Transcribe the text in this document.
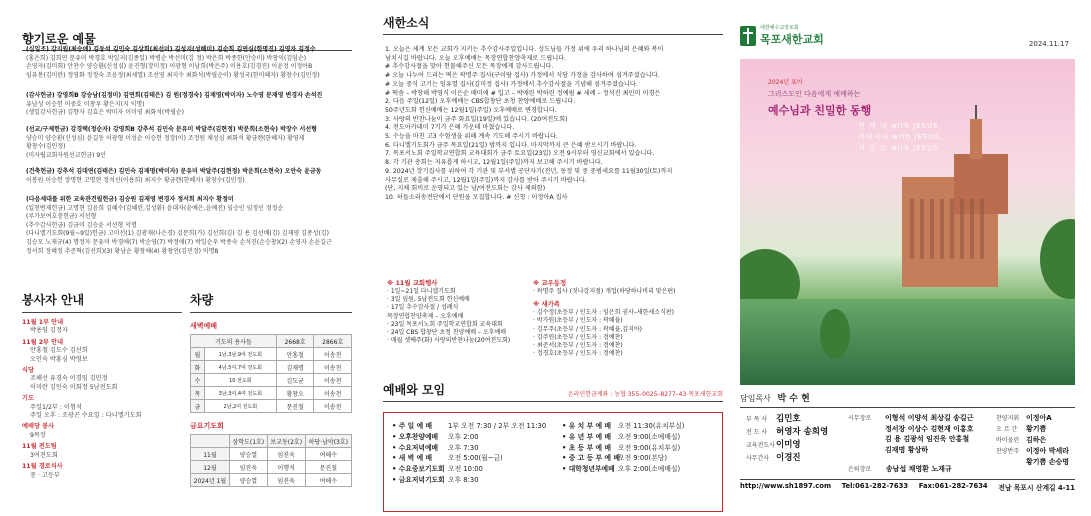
향기로운 예물
(십일조) 강지원(최승애) 김동석 김민숙 김상희(최선미) 김성지(성혜미) 김순희 김연심(한명진) 김영자 김정수
(홍은희) 김희연 문유미 박경호 박일지(김종일) 박병순 박선미(김 정) 박은희 박종한(안승미) 박창익(김임순)
손영자(김미회) 안찬수 양승환(신성심) 윤진형(장미정) 이광형 이남희(박은주) 이용호(김경진) 이윤정 이정아B
임유봉(김미란) 정영화 정정숙 조윤정(최세열) 조선영 최지수 최화석(박필순이) 황성국(한미혜자) 황창수(김민정)
(감사헌금) 강영희B 강승남(김정미) 김연희(김태은) 김 원(정경숙) 김재영(박미자) 노수영 문재영 변경자 손석진
유남성 이승헌 이중호 이창우 황은지(지 익명)
(생일감사헌금) 김향자 김효은 박미자 이미영 최화석(박필순)
(선교/구제헌금) 강경택(정순자) 강영희B 강추석 김민숙 문유미 박달주(김현정) 박문희(소현숙) 박장수 서선형
양승미 양승환(신성심) 윤길동 이광형 이성순 이승헌 정장(이) 조정원 채성심 최화석 황금랜(한혜자) 황영세
황창수(김민정)
(미자립교회자원선교헌금) 9인
(건축헌금) 강추석 김대연(김태은) 김민숙 김재명(박미자) 문유미 박달주(김현정) 박운희(소현숙) 오안숙 윤금동
이봉원 이승헌 장명현 고명현 정석선(이용희) 최지수 황금랜(한혜자) 황창수(김민정)
(다음세대를 위한 교육관건립헌금) 김승원 김재영 변경자 정서희 최지수 황정미
(일천번제헌금) 고명현 김윤희 김혜수(김혜린,김성환) 윤대자(윤예은,윤예진) 임승인 임정인 정정순
(루가보여호충헌금) 서선형
(추수감사헌금) 김금미 김승윤 서선형 익명
(다니엘기도회(9월~9일)헌금) 고미선(1) 김광재(나은경) 김문희(가) 김선희(김) 김 용 김선배(김) 김재영 김종성(김)
김승모 노재규(4) 명정자 문유미 박경애(7) 박순영(7) 박정애(7) 박일순우 박종숙 손석진(손승창)(2) 손영자 손윤길근
정서희 정혜정 추준혁(김선희)(3) 황남순 황창해(4) 황창언(김민정) 익명8
봉사자 안내
11월 1부 안내
박용임 김정자
11월 2부 안내
안홍철 김도수 김선희
오인숙 박홍심 박영보
식당
조해선 유경숙 이경임 김민정
이미란 김인숙 이회정 5남전도회
기도
주일1/2부 : 이형석
주일 오후 : 조광곤 수요일 : 다니엘기도회
예배당 봉사
9목장
11월 전도팀
3여전도회
11월 경로식사
중 · 고등부
차량
새벽예배
기도의 용사들		2668호	2866호
월	1남,3남,9여 전도회	안홍철	이송천
화	4남,5여,7여 전도회	김재명	이송천
수	10 전도회	김도균	이송천
목	3남,3여,4여 전도회	황창오	이송천
금	2남,2여 전도회	문진철	이송천
금요기도회
	삼학도(1호)	보교동(2호)	하당·남악(3호)
11월	양승열	임진욱	여해수
12월	임진욱	이행석	문진철
2024년 1월	양승열	임진욱	여해수
새한소식
1. 오늘은 세계 모든 교회가 지키는 추수감사주일입니다. 성도님들 가정 위에 우리 하나님의 은혜와 복이
넘치시길 바랍니다. 오늘 오후예배는 목장연합찬양축제로 드립니다.
# 추수감사절을 맞아 헌물해주신 모든 목장에게 감사드립니다.
# 오늘 나누어 드리는 떡은 곽명주 집사(구이람 집사) 가정에서 식당 가정을 감사하여 섬겨주셨습니다.
# 오늘 중식 고기는 임유열 집사(김미정 집사) 가정에서 추수감사절을 기념해 섬겨주셨습니다.
# 떡솜 – 박창해 박영식 이은순 배미애 # 입고 – 박애린 박하린 정예림 # 세례 – 정석진 최민미 이경은
2. 다음 주일(12일) 오후예배는 CBS합창단 초청 찬양예배로 드립니다.
50주년도회 헌신예배는 12월1일(주일) 오후예배로 변경합니다.
3. 사랑의 반찬나눔이 금주 화요일(19일)에 있습니다. (20여전도회)
4. 전도아카데미 7기가 은혜 가운데 마쳤습니다.
5. 수능을 마친 고3 수험생을 위해 계속 기도해 주시기 바랍니다.
6. 다니엘기도회가 금주 목요일(21일) 밤까지 입니다. 마지막까지 큰 은혜 받으시기 바랍니다.
7. 목포서노회 주일학교연합회 교육대회가 금주 토요일(23일) 오전 9시부터 영신교회에서 있습니다.
8. 각 기관 총회는 지유롭게 하시고, 12월1일(주일)까지 보고해 주시기 바랍니다.
9. 2024년 장기집사를 위하여 각 기관 및 부서별 공단자기(전년, 동정 및 중 중범세요를 11월30일(토)까지
사무실로 제출해 주시고, 12월1일(주일)까지 감사를 받아 주시기 바랍니다.
(단, 지체 회비로 운영되고 있는 남/여전도회는 감사 제외함)
10. 허들소리송전단에서 단원을 모집합니다. # 신청 : 이정아A 집사
※ 11월 교회행사
· 1일~21일 다니엘기도회
· 3일 임원, 5남전도회 헌신예배
· 17일 추수감사절 / 성례식
목장연합찬양축제 – 오후예배
· 23일 목포서노회 주일학교연합회 교육대회
· 24일 CBS 합창단 초청 찬양예배 – 오후예배
· 매월 셋째주(화) 사랑의반찬나눔(20여전도회)
※ 교우동정
· 곽명주 집사 (짓나강지점) 개업(하당하나비리 맞은편)
※ 새가족
· 김수정(초등부 / 인도자 : 임은희 권사–새한새소식판)
· 박가원(초등부 / 인도자 : 곽혜율)
· 김무주(초등부 / 인도자 : 곽혜율,김지아)
· 김주원(초등부 / 인도자 : 정예찬)
· 최준서(초등부 / 인도자 : 정예찬)
· 정경호(초등부 / 인도자 : 정예찬)
예배와 모임	온라인헌금계좌 : 농협 355–0025–8277–43 목포새한교회
• 주 일 예 배 1부 오전 7:30 / 2부 오전 11:30
• 오후찬양예배 오후 2:00
• 수요저녁예배 오후 7:30
• 새 벽 예 배 오전 5:00(월~금)
• 수요중보기도회 오전 10:00
• 금요저녁기도회 오후 8:30
• 유 치 부 예 배 오전 11:30(유치부실)
• 유 년 부 예 배 오전 9:00(소예배실)
• 초 등 부 예 배 오전 9:00(유치부실)
• 중 고 등 부 예 배오전 9:00(본당)
• 대학청년부예배 오후 2:00(소예배실)
대한예수교장로회
목포새한교회	2024.11.17
2024년 표어
그리스도인 다음에게 예배하는
예수님과 친밀한 동행
언 제 나 with JESUS,
어디서나 with JESUS,
지 금 도 with JESUS.
담임목사 박 수 현
부 목 사 김민호
전 도 사 허영자 송희영
교육전도사이미영
사무간사 이경진
시무장로	이형석 이양석 최상길 송길근
정서장 이상수 김현재 이홍호
김 용 김광석 임진욱 안홍철
김재명 황상하
은퇴장로 송남섭 채영환 노재규
찬양지휘 이정아A
오 르 간 황기쁨
바이올린 김하은
찬양반주 이정아 박세라
황기쁨 손승명
http://www.sh1897.com Tel:061-282-7633 Fax:061-282-7634 전남 목포시 산계길 4-11
